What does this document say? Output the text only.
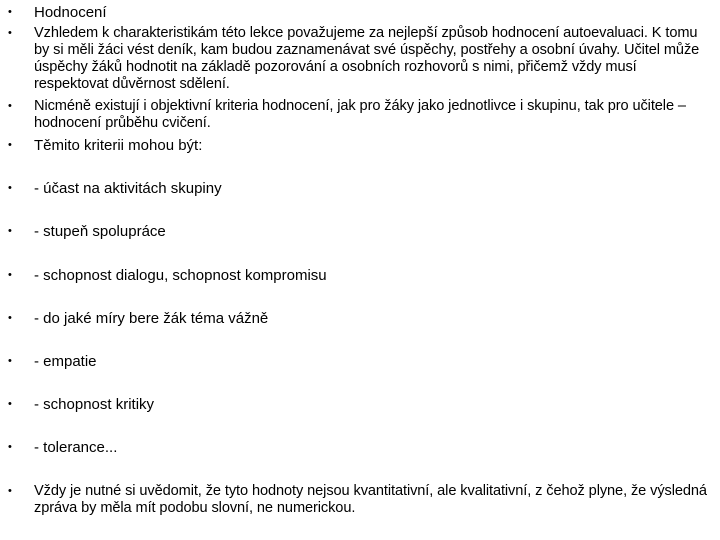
•	Hodnocení
•	Vzhledem k charakteristikám této lekce považujeme za nejlepší způsob hodnocení autoevaluaci. K tomu by si měli žáci vést deník, kam budou zaznamenávat své úspěchy, postřehy a osobní úvahy. Učitel může úspěchy žáků hodnotit na základě pozorování a osobních rozhovorů s nimi, přičemž vždy musí respektovat důvěrnost sdělení.
•	Nicméně existují i objektivní kriteria hodnocení, jak pro žáky jako jednotlivce i skupinu, tak pro učitele – hodnocení průběhu cvičení.
•	Těmito kriterii mohou být:
•	- účast na aktivitách skupiny
•	- stupeň spolupráce
•	- schopnost dialogu, schopnost kompromisu
•	- do jaké míry bere žák téma vážně
•	- empatie
•	- schopnost kritiky
•	- tolerance...
•	Vždy je nutné si uvědomit, že tyto hodnoty nejsou kvantitativní, ale kvalitativní, z čehož plyne, že výsledná zpráva by měla mít podobu slovní, ne numerickou.
